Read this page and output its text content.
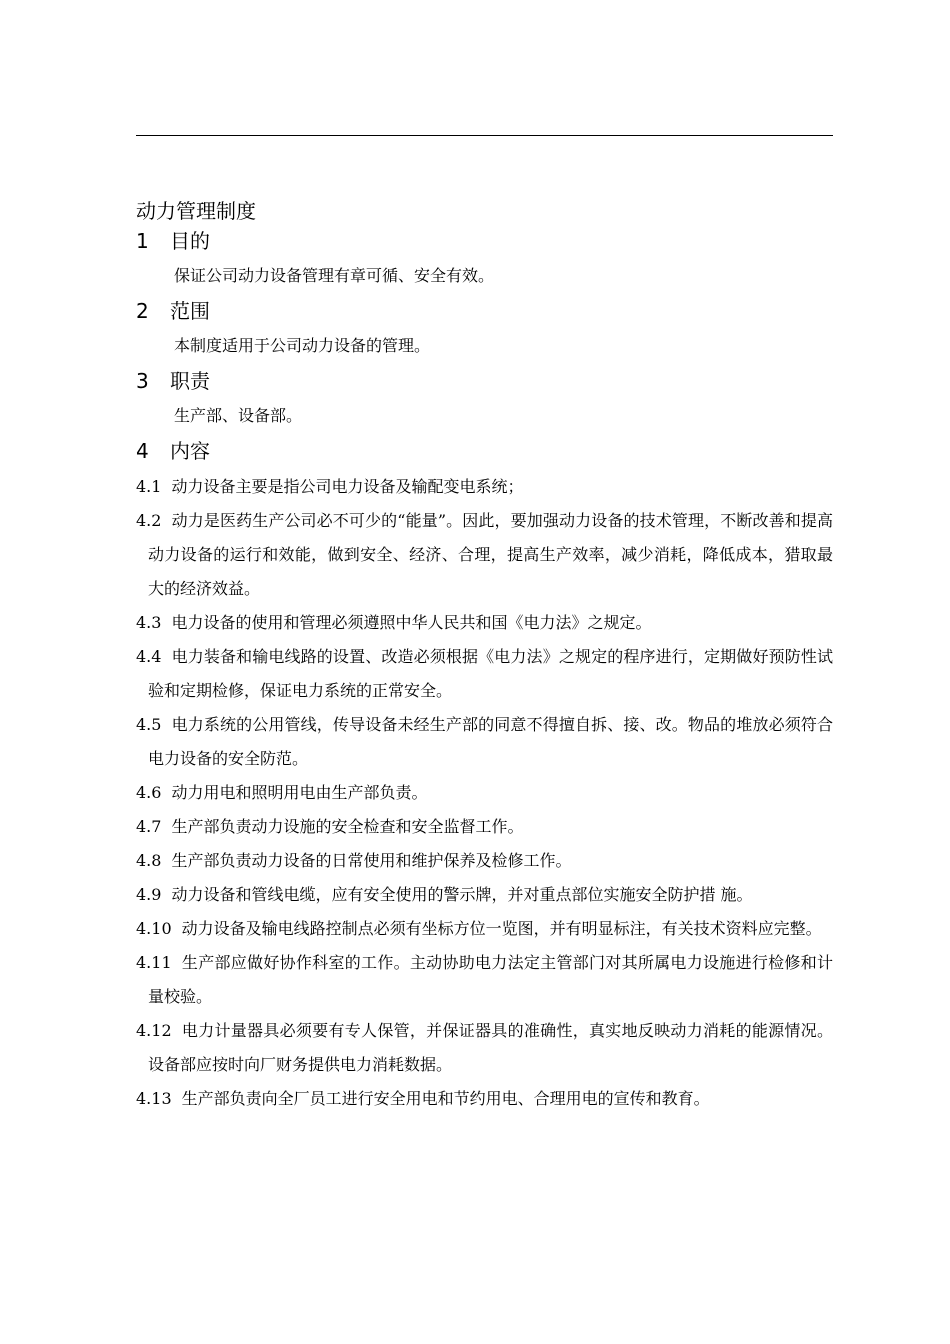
动力管理制度
1 目的

保证公司动力设备管理有章可循、安全有效。

2 范围

本制度适用于公司动力设备的管理。

3 职责

生产部、设备部。

4 内容

4.1 动力设备主要是指公司电力设备及输配变电系统；

4.2 动力是医药生产公司必不可少的“能量”。因此，要加强动力设备的技术管理，不断改善和提高动力设备的运行和效能，做到安全、经济、合理，提高生产效率，减少消耗，降低成本，猎取最大的经济效益。

4.3 电力设备的使用和管理必须遵照中华人民共和国《电力法》之规定。

4.4 电力装备和输电线路的设置、改造必须根据《电力法》之规定的程序进行，定期做好预防性试验和定期检修，保证电力系统的正常安全。

4.5 电力系统的公用管线，传导设备未经生产部的同意不得擅自拆、接、改。物品的堆放必须符合电力设备的安全防范。

4.6 动力用电和照明用电由生产部负责。

4.7 生产部负责动力设施的安全检查和安全监督工作。

4.8 生产部负责动力设备的日常使用和维护保养及检修工作。

4.9 动力设备和管线电缆，应有安全使用的警示牌，并对重点部位实施安全防护措 施。

4.10 动力设备及输电线路控制点必须有坐标方位一览图，并有明显标注，有关技术资料应完整。

4.11 生产部应做好协作科室的工作。主动协助电力法定主管部门对其所属电力设施进行检修和计量校验。

4.12 电力计量器具必须要有专人保管，并保证器具的准确性，真实地反映动力消耗的能源情况。设备部应按时向厂财务提供电力消耗数据。

4.13 生产部负责向全厂员工进行安全用电和节约用电、合理用电的宣传和教育。
